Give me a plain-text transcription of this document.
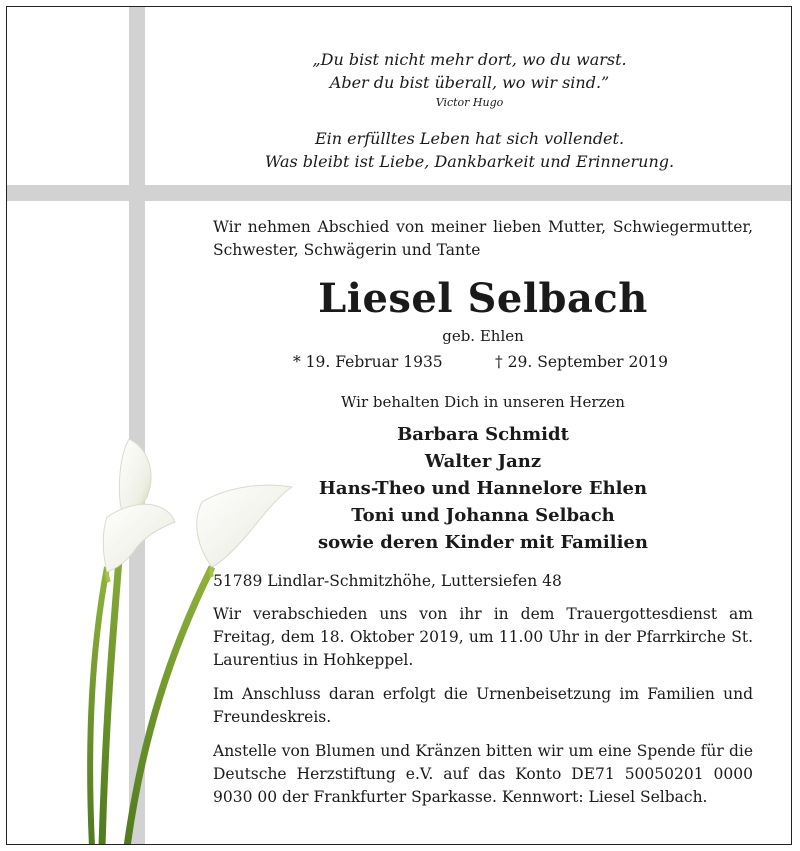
„Du bist nicht mehr dort, wo du warst.

Aber du bist überall, wo wir sind.”

Victor Hugo

Ein erfülltes Leben hat sich vollendet.

Was bleibt ist Liebe, Dankbarkeit und Erinnerung.

Wir nehmen Abschied von meiner lieben Mutter, Schwiegermutter, Schwester, Schwägerin und Tante

Liesel Selbach

geb. Ehlen

* 19. Februar 1935	† 29. September 2019

Wir behalten Dich in unseren Herzen

Barbara Schmidt
Walter Janz
Hans-Theo und Hannelore Ehlen
Toni und Johanna Selbach
sowie deren Kinder mit Familien

51789 Lindlar-Schmitzhöhe, Luttersiefen 48

Wir verabschieden uns von ihr in dem Trauergottesdienst am Freitag, dem 18. Oktober 2019, um 11.00 Uhr in der Pfarrkirche St. Laurentius in Hohkeppel.

Im Anschluss daran erfolgt die Urnenbeisetzung im Familien und Freundeskreis.

Anstelle von Blumen und Kränzen bitten wir um eine Spende für die Deutsche Herzstiftung e.V. auf das Konto DE71 50050201 0000 9030 00 der Frankfurter Sparkasse. Kennwort: Liesel Selbach.
